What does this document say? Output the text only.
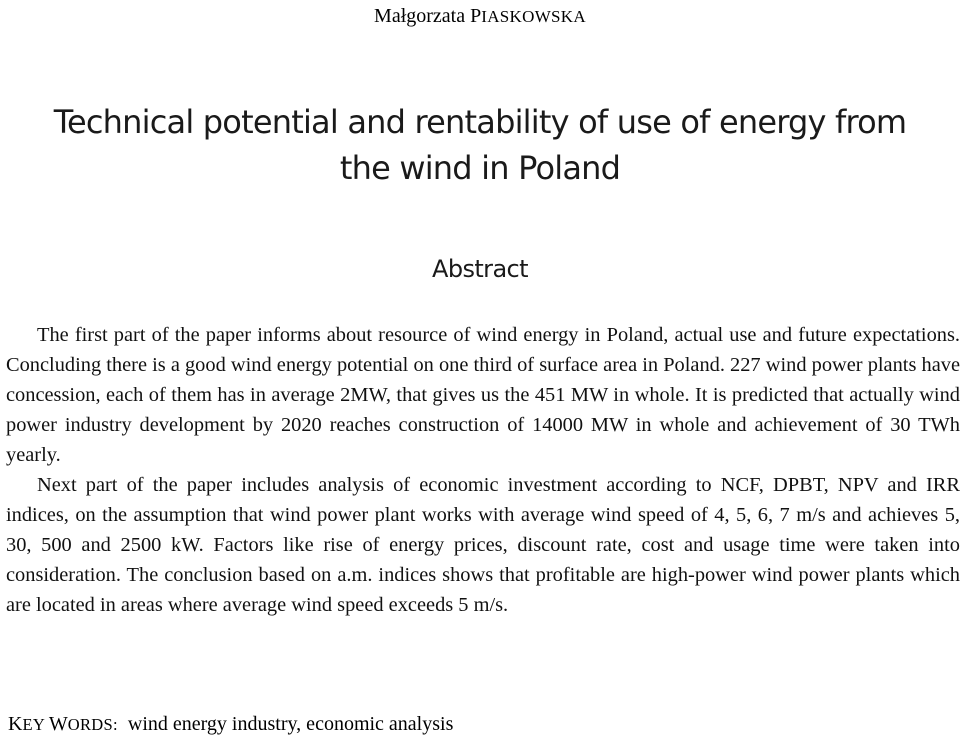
Małgorzata PIASKOWSKA
Technical potential and rentability of use of energy from
the wind in Poland
Abstract

The first part of the paper informs about resource of wind energy in Poland, actual use and future expectations. Concluding there is a good wind energy potential on one third of surface area in Poland. 227 wind power plants have concession, each of them has in average 2MW, that gives us the 451 MW in whole. It is predicted that actually wind power industry development by 2020 reaches construction of 14000 MW in whole and achievement of 30 TWh yearly.

Next part of the paper includes analysis of economic investment according to NCF, DPBT, NPV and IRR indices, on the assumption that wind power plant works with average wind speed of 4, 5, 6, 7 m/s and achieves 5, 30, 500 and 2500 kW. Factors like rise of energy prices, discount rate, cost and usage time were taken into consideration. The conclusion based on a.m. indices shows that profitable are high-power wind power plants which are located in areas where average wind speed exceeds 5 m/s.

KEY WORDS: wind energy industry, economic analysis
